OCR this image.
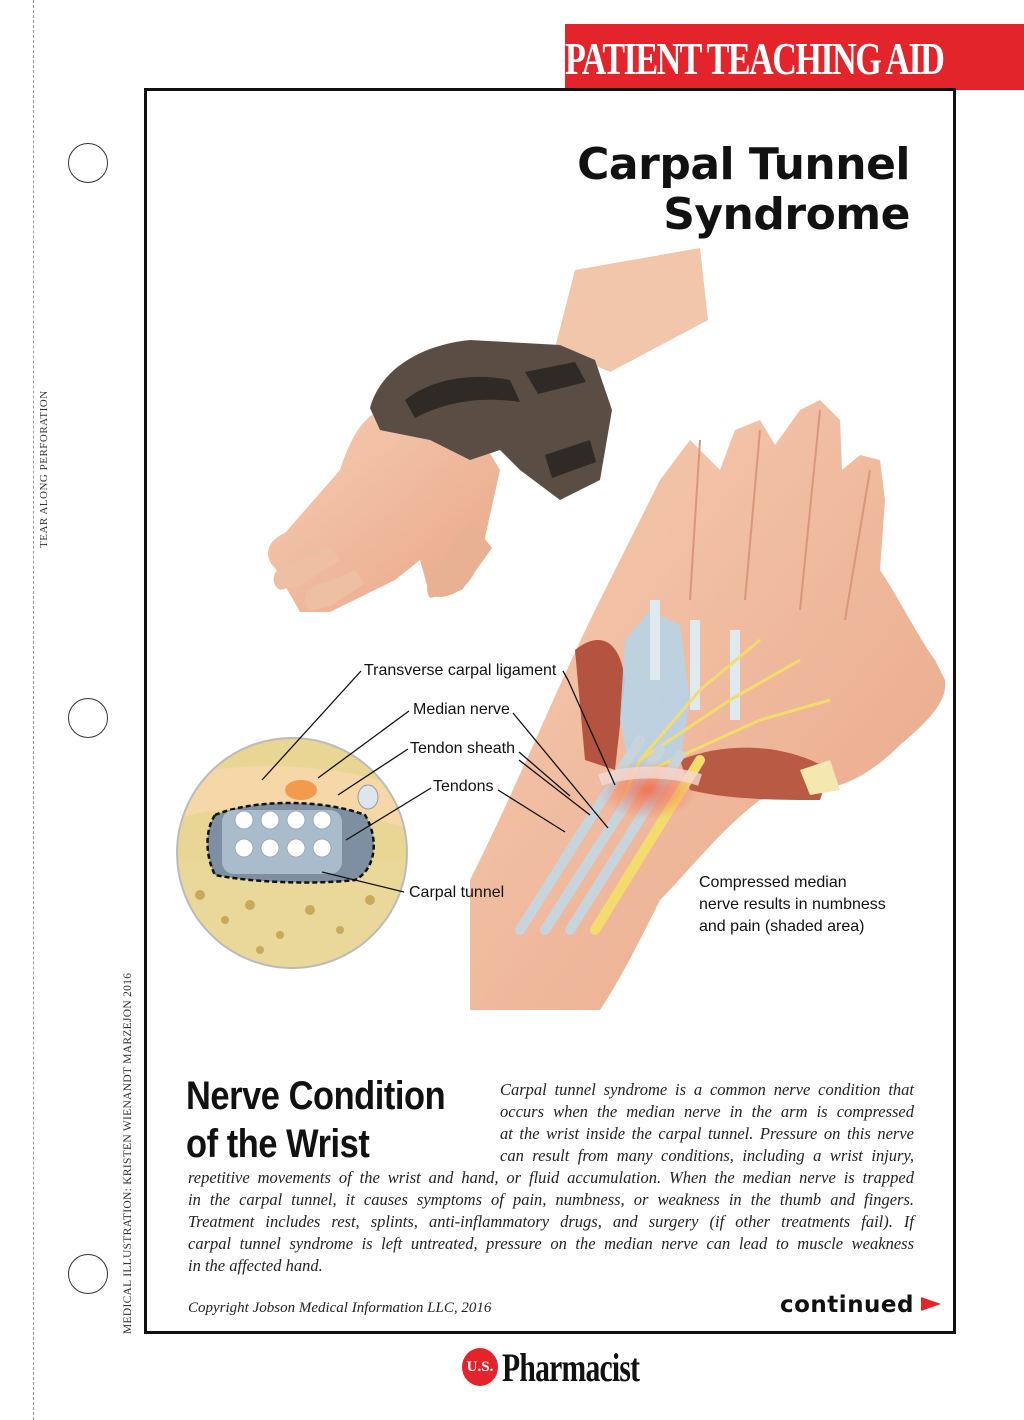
TEAR ALONG PERFORATION
MEDICAL ILLUSTRATION: KRISTEN WIENANDT MARZEJON 2016
PATIENT TEACHING AID
Carpal Tunnel
Syndrome
Transverse carpal ligament
Median nerve
Tendon sheath
Tendons
Carpal tunnel
Compressed median
nerve results in numbness
and pain (shaded area)
Nerve Condition
of the Wrist
Carpal tunnel syndrome is a common nerve condition that
occurs when the median nerve in the arm is compressed
at the wrist inside the carpal tunnel. Pressure on this nerve
can result from many conditions, including a wrist injury,
repetitive movements of the wrist and hand, or fluid accumulation. When the median nerve is trapped
in the carpal tunnel, it causes symptoms of pain, numbness, or weakness in the thumb and fingers.
Treatment includes rest, splints, anti-inflammatory drugs, and surgery (if other treatments fail). If
carpal tunnel syndrome is left untreated, pressure on the median nerve can lead to muscle weakness
in the affected hand.
Copyright Jobson Medical Information LLC, 2016	continued
U.S. Pharmacist
